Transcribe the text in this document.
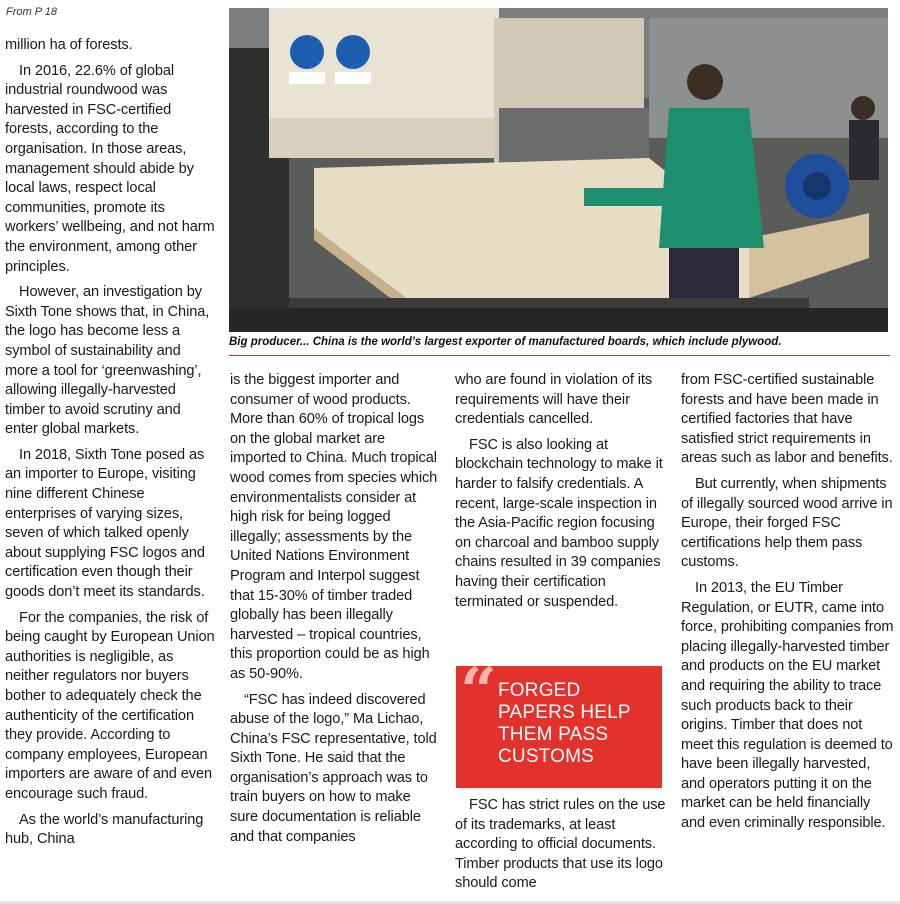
From P 18

million ha of forests.

In 2016, 22.6% of global industrial roundwood was harvested in FSC-certified forests, according to the organisation. In those areas, management should abide by local laws, respect local communities, promote its workers’ wellbeing, and not harm the environment, among other principles.

However, an investigation by Sixth Tone shows that, in China, the logo has become less a symbol of sustainability and more a tool for ‘greenwashing’, allowing illegally-harvested timber to avoid scrutiny and enter global markets.

In 2018, Sixth Tone posed as an importer to Europe, visiting nine different Chinese enterprises of varying sizes, seven of which talked openly about supplying FSC logos and certification even though their goods don’t meet its standards.

For the companies, the risk of being caught by European Union authorities is negligible, as neither regulators nor buyers bother to adequately check the authenticity of the certification they provide. According to company employees, European importers are aware of and even encourage such fraud.

As the world’s manufacturing hub, China

Big producer... China is the world’s largest exporter of manufactured boards, which include plywood.

is the biggest importer and consumer of wood products. More than 60% of tropical logs on the global market are imported to China. Much tropical wood comes from species which environmentalists consider at high risk for being logged illegally; assessments by the United Nations Environment Program and Interpol suggest that 15-30% of timber traded globally has been illegally harvested – tropical countries, this proportion could be as high as 50-90%.

“FSC has indeed discovered abuse of the logo,” Ma Lichao, China’s FSC representative, told Sixth Tone. He said that the organisation’s approach was to train buyers on how to make sure documentation is reliable and that companies

who are found in violation of its requirements will have their credentials cancelled.

FSC is also looking at blockchain technology to make it harder to falsify credentials. A recent, large-scale inspection in the Asia-Pacific region focusing on charcoal and bamboo supply chains resulted in 39 companies having their certification terminated or suspended.

“ FORGED PAPERS HELP THEM PASS CUSTOMS

FSC has strict rules on the use of its trademarks, at least according to official documents. Timber products that use its logo should come

from FSC-certified sustainable forests and have been made in certified factories that have satisfied strict requirements in areas such as labor and benefits.

But currently, when shipments of illegally sourced wood arrive in Europe, their forged FSC certifications help them pass customs.

In 2013, the EU Timber Regulation, or EUTR, came into force, prohibiting companies from placing illegally-harvested timber and products on the EU market and requiring the ability to trace such products back to their origins. Timber that does not meet this regulation is deemed to have been illegally harvested, and operators putting it on the market can be held financially and even criminally responsible.
